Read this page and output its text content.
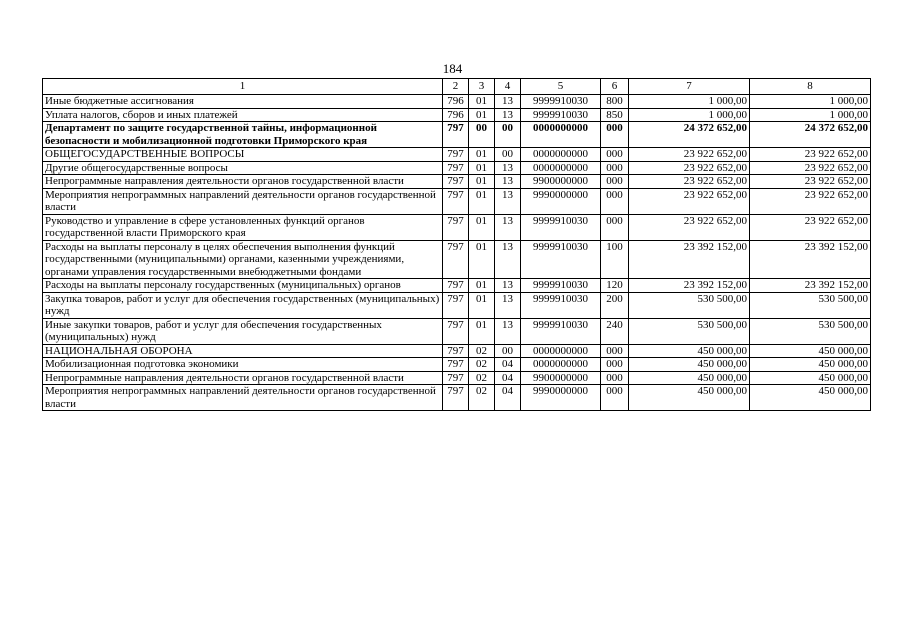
184
1	2	3	4	5	6	7	8
Иные бюджетные ассигнования	796	01	13	9999910030	800	1 000,00	1 000,00
Уплата налогов, сборов и иных платежей	796	01	13	9999910030	850	1 000,00	1 000,00
Департамент по защите государственной тайны, информационной безопасности и мобилизационной подготовки Приморского края	797	00	00	0000000000	000	24 372 652,00	24 372 652,00
ОБЩЕГОСУДАРСТВЕННЫЕ ВОПРОСЫ	797	01	00	0000000000	000	23 922 652,00	23 922 652,00
Другие общегосударственные вопросы	797	01	13	0000000000	000	23 922 652,00	23 922 652,00
Непрограммные направления деятельности органов государственной власти	797	01	13	9900000000	000	23 922 652,00	23 922 652,00
Мероприятия непрограммных направлений деятельности органов государственной власти	797	01	13	9990000000	000	23 922 652,00	23 922 652,00
Руководство и управление в сфере установленных функций органов государственной власти Приморского края	797	01	13	9999910030	000	23 922 652,00	23 922 652,00
Расходы на выплаты персоналу в целях обеспечения выполнения функций государственными (муниципальными) органами, казенными учреждениями, органами управления государственными внебюджетными фондами	797	01	13	9999910030	100	23 392 152,00	23 392 152,00
Расходы на выплаты персоналу государственных (муниципальных) органов	797	01	13	9999910030	120	23 392 152,00	23 392 152,00
Закупка товаров, работ и услуг для обеспечения государственных (муниципальных) нужд	797	01	13	9999910030	200	530 500,00	530 500,00
Иные закупки товаров, работ и услуг для обеспечения государственных (муниципальных) нужд	797	01	13	9999910030	240	530 500,00	530 500,00
НАЦИОНАЛЬНАЯ ОБОРОНА	797	02	00	0000000000	000	450 000,00	450 000,00
Мобилизационная подготовка экономики	797	02	04	0000000000	000	450 000,00	450 000,00
Непрограммные направления деятельности органов государственной власти	797	02	04	9900000000	000	450 000,00	450 000,00
Мероприятия непрограммных направлений деятельности органов государственной власти	797	02	04	9990000000	000	450 000,00	450 000,00
